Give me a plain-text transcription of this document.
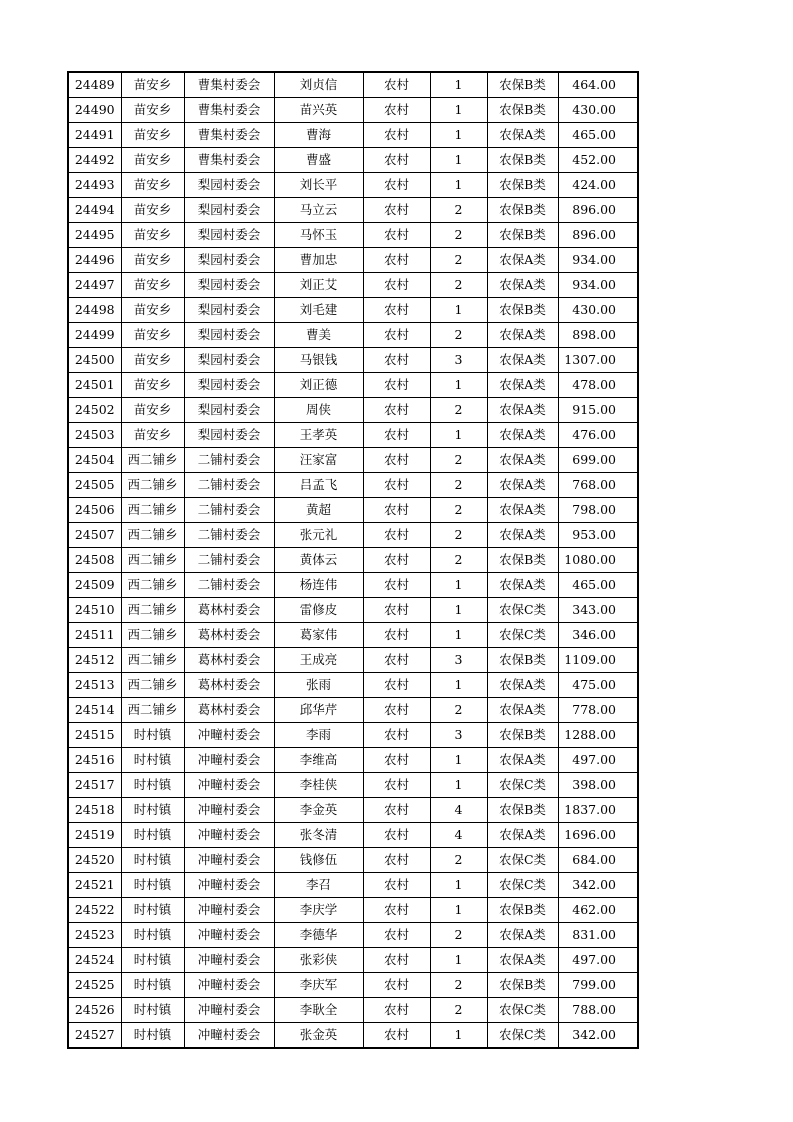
24489	苗安乡	曹集村委会	刘贞信	农村	1	农保B类	464.00
24490	苗安乡	曹集村委会	苗兴英	农村	1	农保B类	430.00
24491	苗安乡	曹集村委会	曹海	农村	1	农保A类	465.00
24492	苗安乡	曹集村委会	曹盛	农村	1	农保B类	452.00
24493	苗安乡	梨园村委会	刘长平	农村	1	农保B类	424.00
24494	苗安乡	梨园村委会	马立云	农村	2	农保B类	896.00
24495	苗安乡	梨园村委会	马怀玉	农村	2	农保B类	896.00
24496	苗安乡	梨园村委会	曹加忠	农村	2	农保A类	934.00
24497	苗安乡	梨园村委会	刘正艾	农村	2	农保A类	934.00
24498	苗安乡	梨园村委会	刘毛建	农村	1	农保B类	430.00
24499	苗安乡	梨园村委会	曹美	农村	2	农保A类	898.00
24500	苗安乡	梨园村委会	马银钱	农村	3	农保A类	1307.00
24501	苗安乡	梨园村委会	刘正德	农村	1	农保A类	478.00
24502	苗安乡	梨园村委会	周侠	农村	2	农保A类	915.00
24503	苗安乡	梨园村委会	王孝英	农村	1	农保A类	476.00
24504	西二铺乡	二铺村委会	汪家富	农村	2	农保A类	699.00
24505	西二铺乡	二铺村委会	吕孟飞	农村	2	农保A类	768.00
24506	西二铺乡	二铺村委会	黄超	农村	2	农保A类	798.00
24507	西二铺乡	二铺村委会	张元礼	农村	2	农保A类	953.00
24508	西二铺乡	二铺村委会	黄体云	农村	2	农保B类	1080.00
24509	西二铺乡	二铺村委会	杨连伟	农村	1	农保A类	465.00
24510	西二铺乡	葛林村委会	雷修皮	农村	1	农保C类	343.00
24511	西二铺乡	葛林村委会	葛家伟	农村	1	农保C类	346.00
24512	西二铺乡	葛林村委会	王成亮	农村	3	农保B类	1109.00
24513	西二铺乡	葛林村委会	张雨	农村	1	农保A类	475.00
24514	西二铺乡	葛林村委会	邱华芹	农村	2	农保A类	778.00
24515	时村镇	冲疃村委会	李雨	农村	3	农保B类	1288.00
24516	时村镇	冲疃村委会	李维高	农村	1	农保A类	497.00
24517	时村镇	冲疃村委会	李桂侠	农村	1	农保C类	398.00
24518	时村镇	冲疃村委会	李金英	农村	4	农保B类	1837.00
24519	时村镇	冲疃村委会	张冬清	农村	4	农保A类	1696.00
24520	时村镇	冲疃村委会	钱修伍	农村	2	农保C类	684.00
24521	时村镇	冲疃村委会	李召	农村	1	农保C类	342.00
24522	时村镇	冲疃村委会	李庆学	农村	1	农保B类	462.00
24523	时村镇	冲疃村委会	李德华	农村	2	农保A类	831.00
24524	时村镇	冲疃村委会	张彩侠	农村	1	农保A类	497.00
24525	时村镇	冲疃村委会	李庆军	农村	2	农保B类	799.00
24526	时村镇	冲疃村委会	李耿全	农村	2	农保C类	788.00
24527	时村镇	冲疃村委会	张金英	农村	1	农保C类	342.00
